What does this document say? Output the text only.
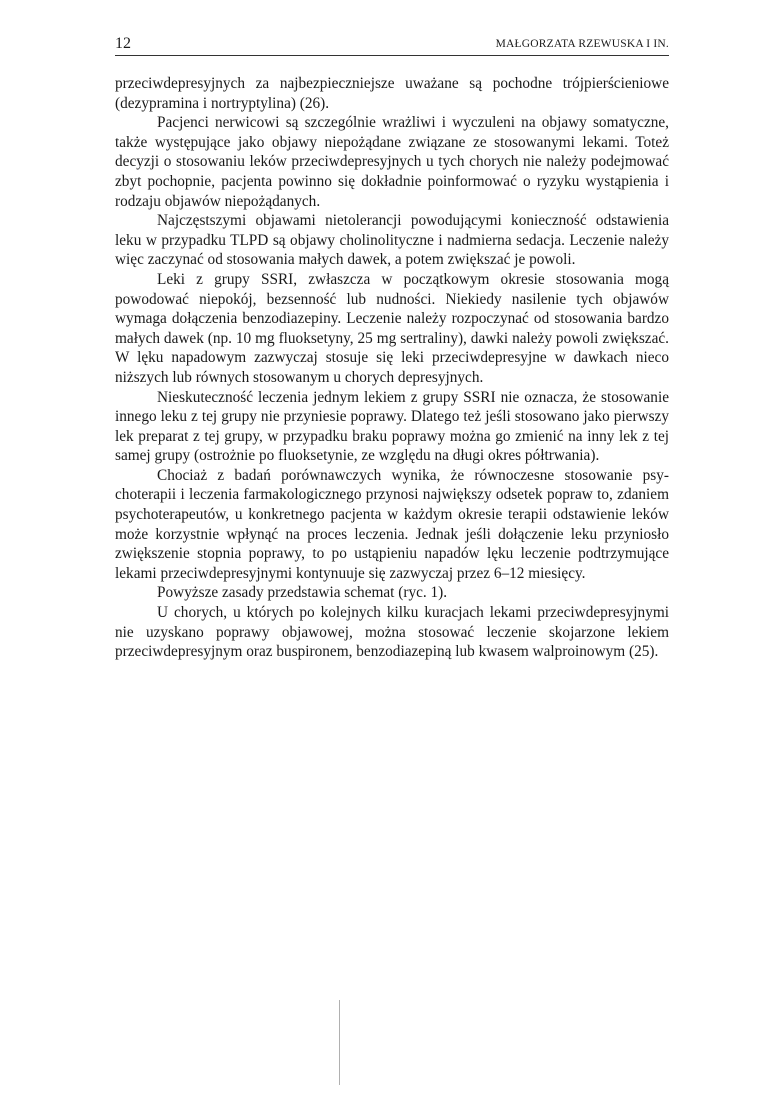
12	MAŁGORZATA RZEWUSKA I IN.

przeciwdepresyjnych za najbezpieczniejsze uważane są pochodne trójpierścieniowe (dezypramina i nortryptylina) (26).

Pacjenci nerwicowi są szczególnie wrażliwi i wyczuleni na objawy somatyczne, także występujące jako objawy niepożądane związane ze stosowanymi lekami. Toteż decyzji o stosowaniu leków przeciwdepresyjnych u tych chorych nie należy podejmować zbyt pochopnie, pacjenta powinno się dokładnie poinformować o ryzyku wystąpienia i rodzaju objawów niepożądanych.

Najczęstszymi objawami nietolerancji powodującymi konieczność odstawienia leku w przypadku TLPD są objawy cholinolityczne i nadmierna sedacja. Leczenie należy więc zaczynać od stosowania małych dawek, a potem zwiększać je powoli.

Leki z grupy SSRI, zwłaszcza w początkowym okresie stosowania mogą powodować niepokój, bezsenność lub nudności. Niekiedy nasilenie tych objawów wymaga dołączenia benzodiazepiny. Leczenie należy rozpoczynać od stosowania bardzo małych dawek (np. 10 mg fluoksetyny, 25 mg sertraliny), dawki należy powoli zwiększać. W lęku napadowym zazwyczaj stosuje się leki przeciwdepresyjne w dawkach nieco niższych lub równych stosowanym u chorych depresyjnych.

Nieskuteczność leczenia jednym lekiem z grupy SSRI nie oznacza, że stosowanie innego leku z tej grupy nie przyniesie poprawy. Dlatego też jeśli stosowano jako pierwszy lek preparat z tej grupy, w przypadku braku poprawy można go zmienić na inny lek z tej samej grupy (ostrożnie po fluoksetynie, ze względu na długi okres półtrwania).

Chociaż z badań porównawczych wynika, że równoczesne stosowanie psychoterapii i leczenia farmakologicznego przynosi największy odsetek popraw to, zdaniem psychoterapeutów, u konkretnego pacjenta w każdym okresie terapii odstawienie leków może korzystnie wpłynąć na proces leczenia. Jednak jeśli dołączenie leku przyniosło zwiększenie stopnia poprawy, to po ustąpieniu napadów lęku leczenie podtrzymujące lekami przeciwdepresyjnymi kontynuuje się zazwyczaj przez 6–12 miesięcy.

Powyższe zasady przedstawia schemat (ryc. 1).

U chorych, u których po kolejnych kilku kuracjach lekami przeciwdepresyjnymi nie uzyskano poprawy objawowej, można stosować leczenie skojarzone lekiem przeciwdepresyjnym oraz buspironem, benzodiazepiną lub kwasem walproinowym (25).
